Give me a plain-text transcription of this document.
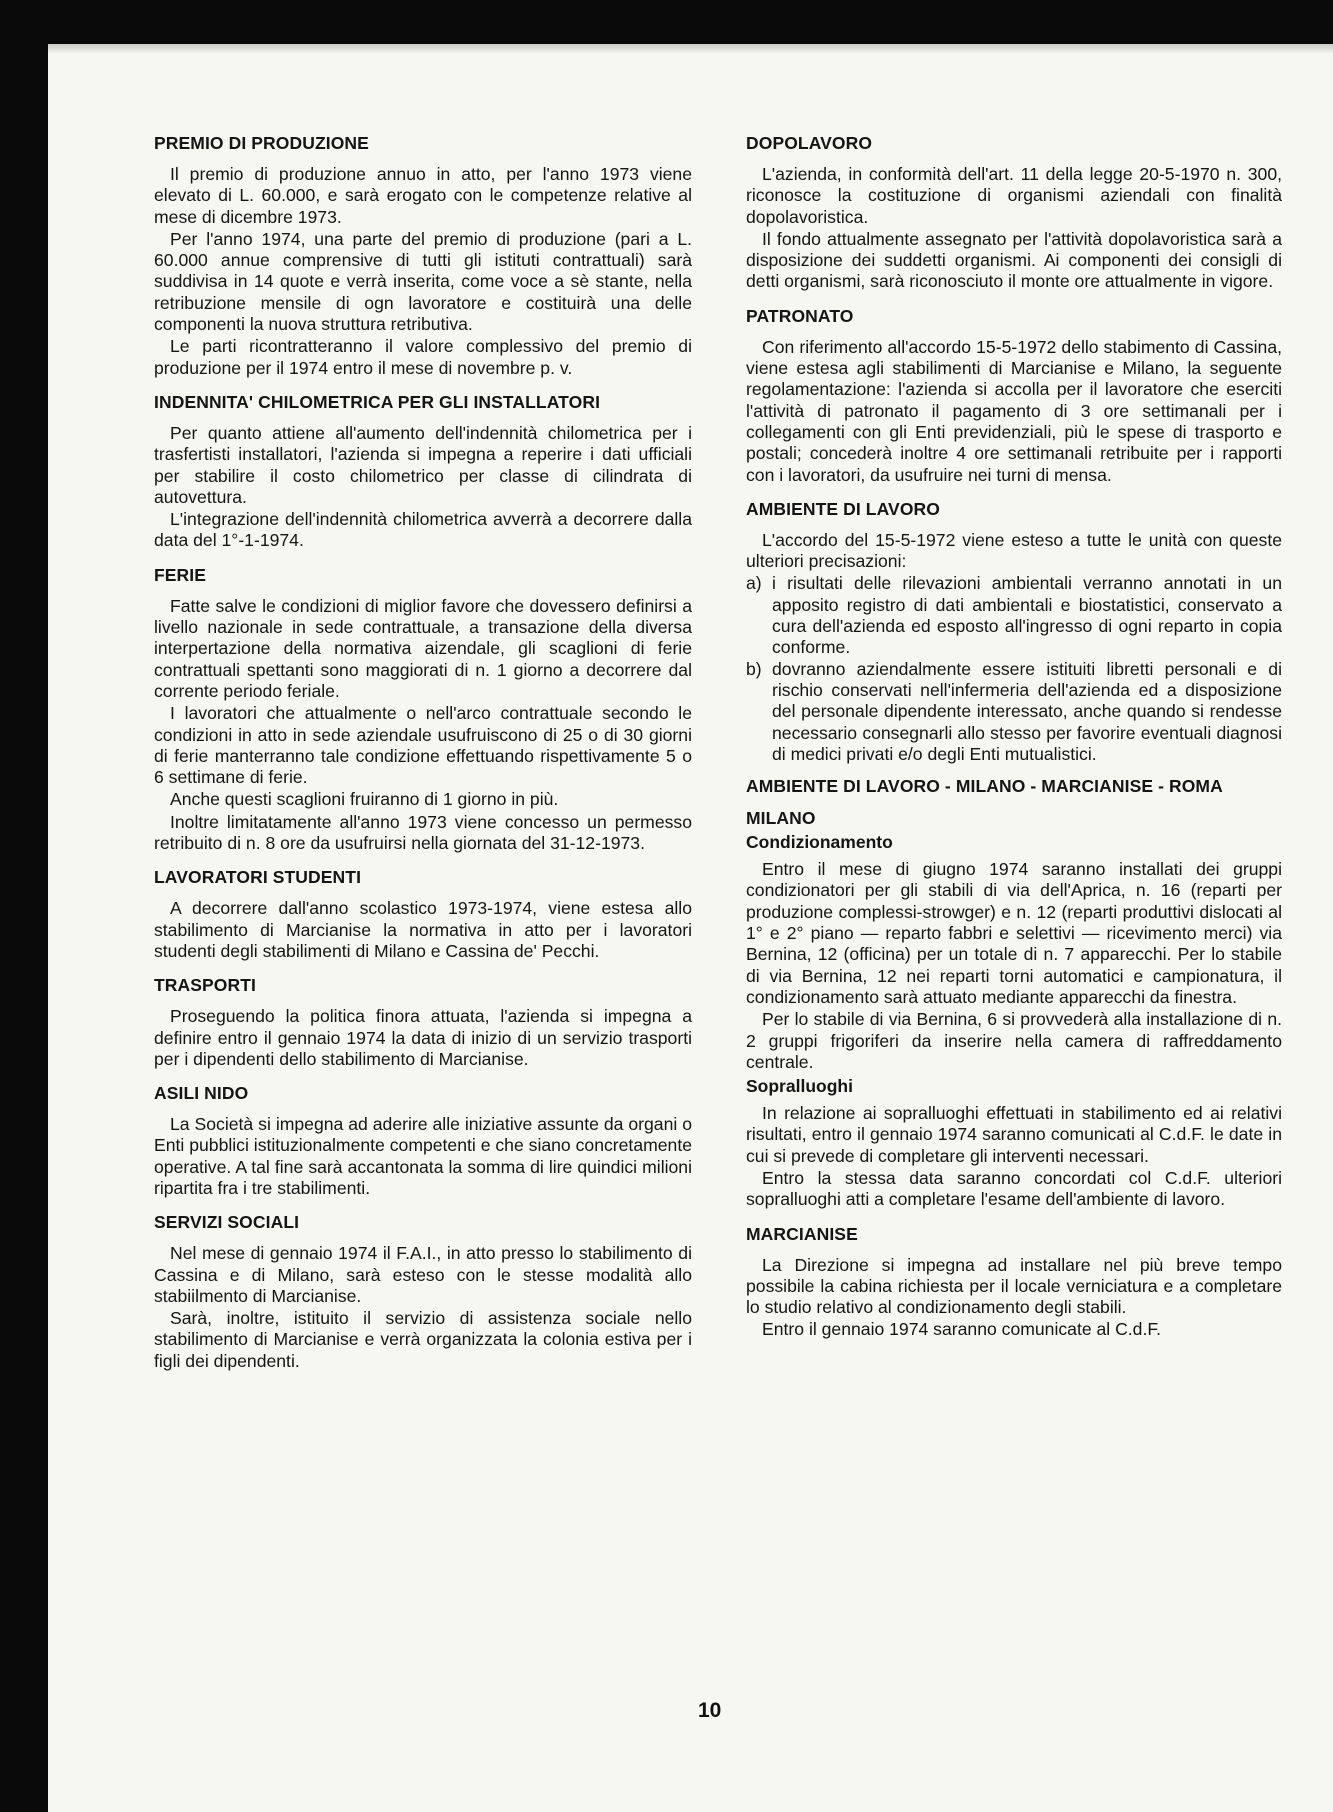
PREMIO DI PRODUZIONE

Il premio di produzione annuo in atto, per l'anno 1973 viene elevato di L. 60.000, e sarà erogato con le competenze relative al mese di dicembre 1973.

Per l'anno 1974, una parte del premio di produzione (pari a L. 60.000 annue comprensive di tutti gli istituti contrattuali) sarà suddivisa in 14 quote e verrà inserita, come voce a sè stante, nella retribuzione mensile di ogn lavoratore e costituirà una delle componenti la nuova struttura retributiva.

Le parti ricontratteranno il valore complessivo del premio di produzione per il 1974 entro il mese di novembre p. v.

INDENNITA' CHILOMETRICA PER GLI INSTALLATORI

Per quanto attiene all'aumento dell'indennità chilometrica per i trasfertisti installatori, l'azienda si impegna a reperire i dati ufficiali per stabilire il costo chilometrico per classe di cilindrata di autovettura.

L'integrazione dell'indennità chilometrica avverrà a decorrere dalla data del 1°-1-1974.

FERIE

Fatte salve le condizioni di miglior favore che dovessero definirsi a livello nazionale in sede contrattuale, a transazione della diversa interpertazione della normativa aizendale, gli scaglioni di ferie contrattuali spettanti sono maggiorati di n. 1 giorno a decorrere dal corrente periodo feriale.

I lavoratori che attualmente o nell'arco contrattuale secondo le condizioni in atto in sede aziendale usufruiscono di 25 o di 30 giorni di ferie manterranno tale condizione effettuando rispettivamente 5 o 6 settimane di ferie.

Anche questi scaglioni fruiranno di 1 giorno in più.

Inoltre limitatamente all'anno 1973 viene concesso un permesso retribuito di n. 8 ore da usufruirsi nella giornata del 31-12-1973.

LAVORATORI STUDENTI

A decorrere dall'anno scolastico 1973-1974, viene estesa allo stabilimento di Marcianise la normativa in atto per i lavoratori studenti degli stabilimenti di Milano e Cassina de' Pecchi.

TRASPORTI

Proseguendo la politica finora attuata, l'azienda si impegna a definire entro il gennaio 1974 la data di inizio di un servizio trasporti per i dipendenti dello stabilimento di Marcianise.

ASILI NIDO

La Società si impegna ad aderire alle iniziative assunte da organi o Enti pubblici istituzionalmente competenti e che siano concretamente operative. A tal fine sarà accantonata la somma di lire quindici milioni ripartita fra i tre stabilimenti.

SERVIZI SOCIALI

Nel mese di gennaio 1974 il F.A.I., in atto presso lo stabilimento di Cassina e di Milano, sarà esteso con le stesse modalità allo stabiilmento di Marcianise.

Sarà, inoltre, istituito il servizio di assistenza sociale nello stabilimento di Marcianise e verrà organizzata la colonia estiva per i figli dei dipendenti.

DOPOLAVORO

L'azienda, in conformità dell'art. 11 della legge 20-5-1970 n. 300, riconosce la costituzione di organismi aziendali con finalità dopolavoristica.

Il fondo attualmente assegnato per l'attività dopolavoristica sarà a disposizione dei suddetti organismi. Ai componenti dei consigli di detti organismi, sarà riconosciuto il monte ore attualmente in vigore.

PATRONATO

Con riferimento all'accordo 15-5-1972 dello stabimento di Cassina, viene estesa agli stabilimenti di Marcianise e Milano, la seguente regolamentazione: l'azienda si accolla per il lavoratore che eserciti l'attività di patronato il pagamento di 3 ore settimanali per i collegamenti con gli Enti previdenziali, più le spese di trasporto e postali; concederà inoltre 4 ore settimanali retribuite per i rapporti con i lavoratori, da usufruire nei turni di mensa.

AMBIENTE DI LAVORO

L'accordo del 15-5-1972 viene esteso a tutte le unità con queste ulteriori precisazioni:

a) i risultati delle rilevazioni ambientali verranno annotati in un apposito registro di dati ambientali e biostatistici, conservato a cura dell'azienda ed esposto all'ingresso di ogni reparto in copia conforme.
b) dovranno aziendalmente essere istituiti libretti personali e di rischio conservati nell'infermeria dell'azienda ed a disposizione del personale dipendente interessato, anche quando si rendesse necessario consegnarli allo stesso per favorire eventuali diagnosi di medici privati e/o degli Enti mutualistici.
AMBIENTE DI LAVORO - MILANO - MARCIANISE - ROMA
MILANO
Condizionamento

Entro il mese di giugno 1974 saranno installati dei gruppi condizionatori per gli stabili di via dell'Aprica, n. 16 (reparti per produzione complessi-strowger) e n. 12 (reparti produttivi dislocati al 1° e 2° piano — reparto fabbri e selettivi — ricevimento merci) via Bernina, 12 (officina) per un totale di n. 7 apparecchi. Per lo stabile di via Bernina, 12 nei reparti torni automatici e campionatura, il condizionamento sarà attuato mediante apparecchi da finestra.

Per lo stabile di via Bernina, 6 si provvederà alla installazione di n. 2 gruppi frigoriferi da inserire nella camera di raffreddamento centrale.

Sopralluoghi

In relazione ai sopralluoghi effettuati in stabilimento ed ai relativi risultati, entro il gennaio 1974 saranno comunicati al C.d.F. le date in cui si prevede di completare gli interventi necessari.

Entro la stessa data saranno concordati col C.d.F. ulteriori sopralluoghi atti a completare l'esame dell'ambiente di lavoro.

MARCIANISE

La Direzione si impegna ad installare nel più breve tempo possibile la cabina richiesta per il locale verniciatura e a completare lo studio relativo al condizionamento degli stabili.

Entro il gennaio 1974 saranno comunicate al C.d.F.

10
